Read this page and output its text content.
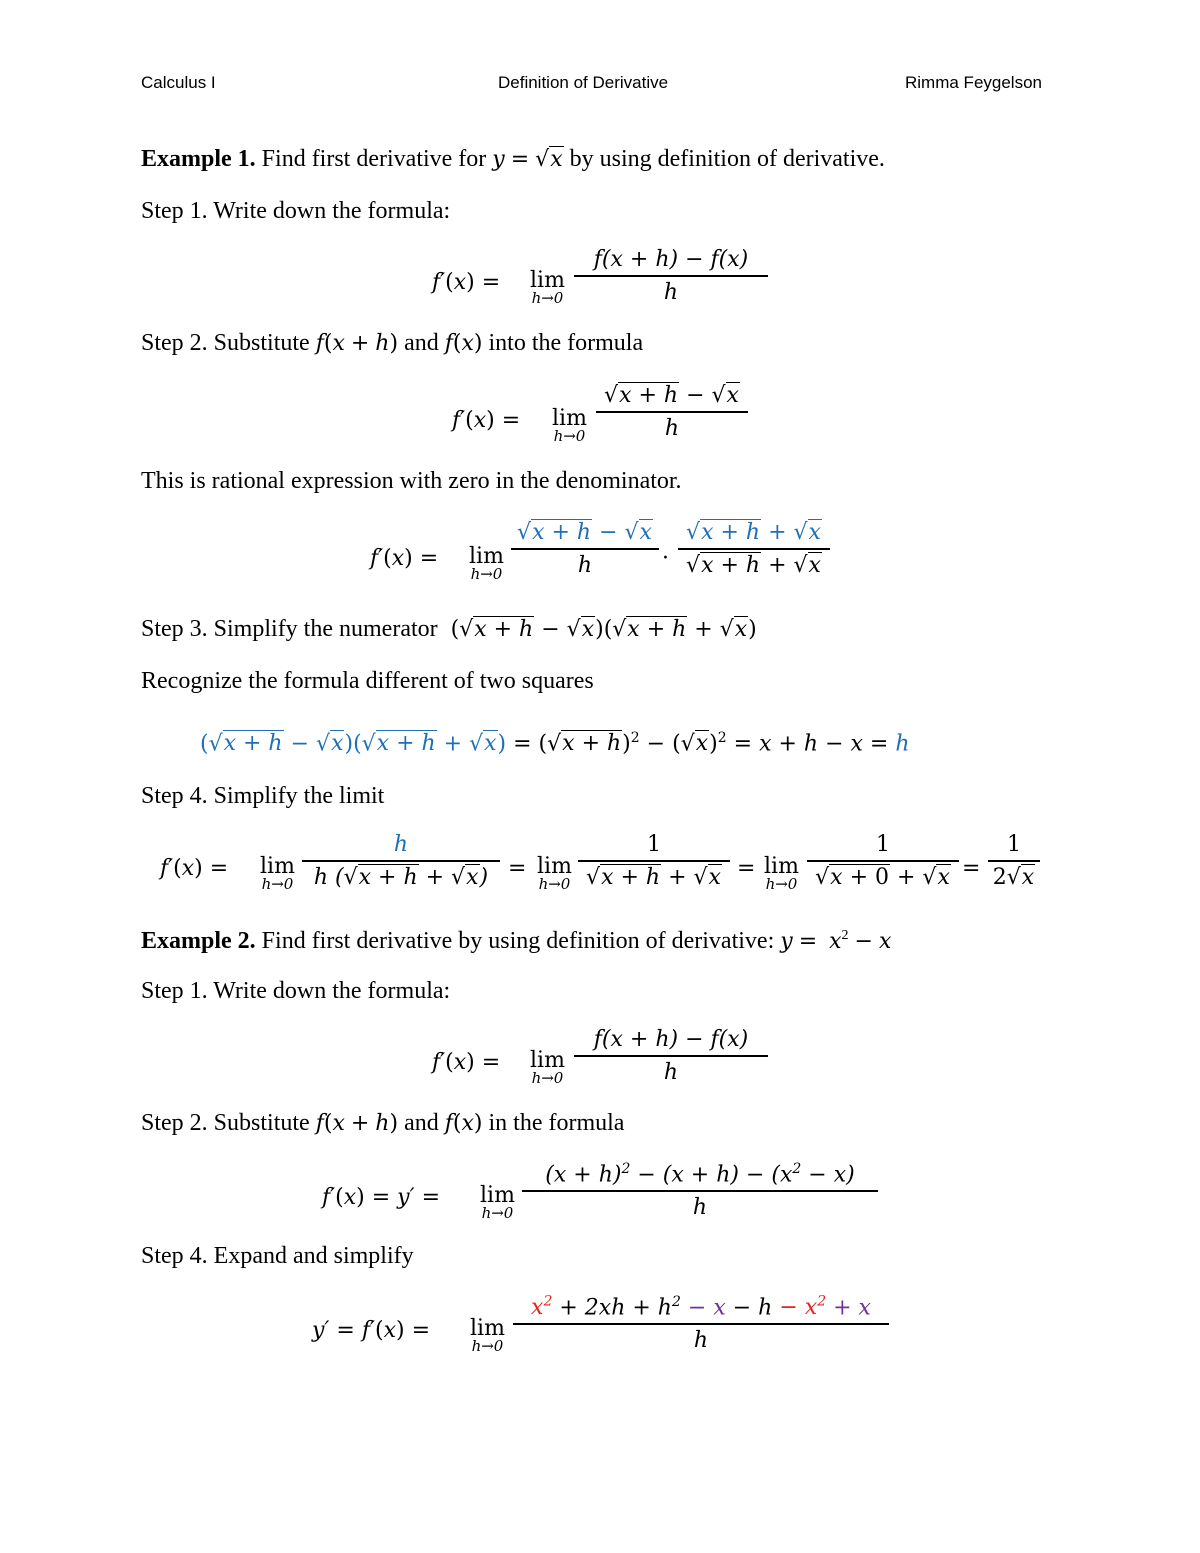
Calculus I	Definition of Derivative	Rimma Feygelson
Example 1. Find first derivative for y = √x by using definition of derivative.
Step 1. Write down the formula:
f′(x) = lim
$h\to 0 \frac{f(x + h) - f(x)}{h}$
Step 2. Substitute f(x + h) and f(x) into the formula
f′(x) = lim
$h\to 0 \frac{√x + h - √x}{h}$
This is rational expression with zero in the denominator.
f′(x) = lim
$h\to 0 \frac{√x + h - √x}{h} \cdot \frac{√x + h + √x}{√x + h + √x}$
Step 3. Simplify the numerator  (√x + h − √x)(√x + h + √x)
Recognize the formula different of two squares
$(√x + h - √x)(√x + h + √x) = (√x + h)^2 - (√x)^2 = x + h - x = h$
Step 4. Simplify the limit
f′(x) = lim
$h\to 0 \frac{h}{h (√x + h + √x)} = \lim$
$h\to 0 \frac{1}{√x + h + √x} = \lim$
$h\to 0 \frac{1}{√x + 0 + √x} = \frac{1}{2√x}$
Example 2. Find first derivative by using definition of derivative: $y = x^2 - x$
Step 1. Write down the formula:
f′(x) = lim
$h\to 0 \frac{f(x + h) - f(x)}{h}$
Step 2. Substitute f(x + h) and f(x) in the formula
f′(x) = y′ = lim
$h\to 0 \frac{(x + h)^2 - (x + h) - (x^2 - x)}{h}$
Step 4. Expand and simplify
y′ = f′(x) = lim
$h\to 0 \frac{x^2 + 2xh + h^2 - x - h - x^2 + x}{h}$
